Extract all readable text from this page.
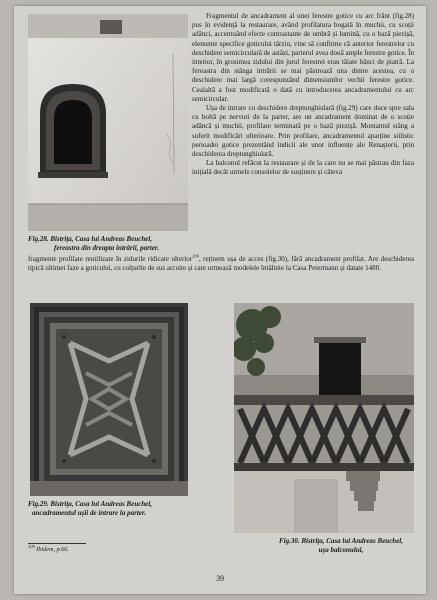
Fig.28. Bistrița, Casa lui Andreas Beuchel,
fereastra din dreapta intrării, parter.

Fragmentul de ancadrament al unei ferestre gotice cu arc frânt (fig.28) pus în evidență la restaurare, având profilatura bogată în muchii, cu scoții adânci, accentuând efecte contrastante de umbră și lumină, cu o bază piezișă, elemente specifice goticului târziu, vine să confirme că anterior ferestrelor cu deschidere semicirculară de astăzi, parterul avea două ample ferestre gotice. În interior, în grosimea zidului din jurul ferestrei erau tăiate bănci de piatră. La fereastra din stânga intrării se mai păstrează una dintre acestea, cu o deschidere mai largă corespunzând dimensiunilor vechii ferestre gotice. Cealaltă a fost modificată o dată cu introducerea ancadramentului cu arc semicircular.

Ușa de intrare cu deschidere dreptunghiulară (fig.29) care duce spre sala cu boltă pe nervuri de la parter, are un ancadrament dominat de o scoție adâncă și muchii, profilare terminată pe o bază piezișă. Montantul stâng a suferit modificări ulterioare. Prin profilare, ancadramentul aparține stilistic perioadei gotice prezentând indicii ale unor influențe ale Renașterii, prin deschiderea dreptunghiulară.

La balconul refăcut la restaurare și de la care nu se mai păstrau din faza inițială decât urmele consolelor de susținere și câteva

fragmente profilate reutilizate în zidurile ridicate ulterior$^{209}$, reținem ușa de acces (fig.30), fără ancadrament profilat. Are deschiderea tipică ultimei faze a goticului, cu colțurile de sus arcuite și care urmează modelele întâlnite la Casa Petermann și datate 1480.
Fig.29. Bistrița, Casa lui Andreas Beuchel,
ancadramentul ușii de intrare la parter.
Fig.30. Bistrița, Casa lui Andreas Beuchel,
ușa balconului,
$^{209}$ Ibidem, p.66.
39
